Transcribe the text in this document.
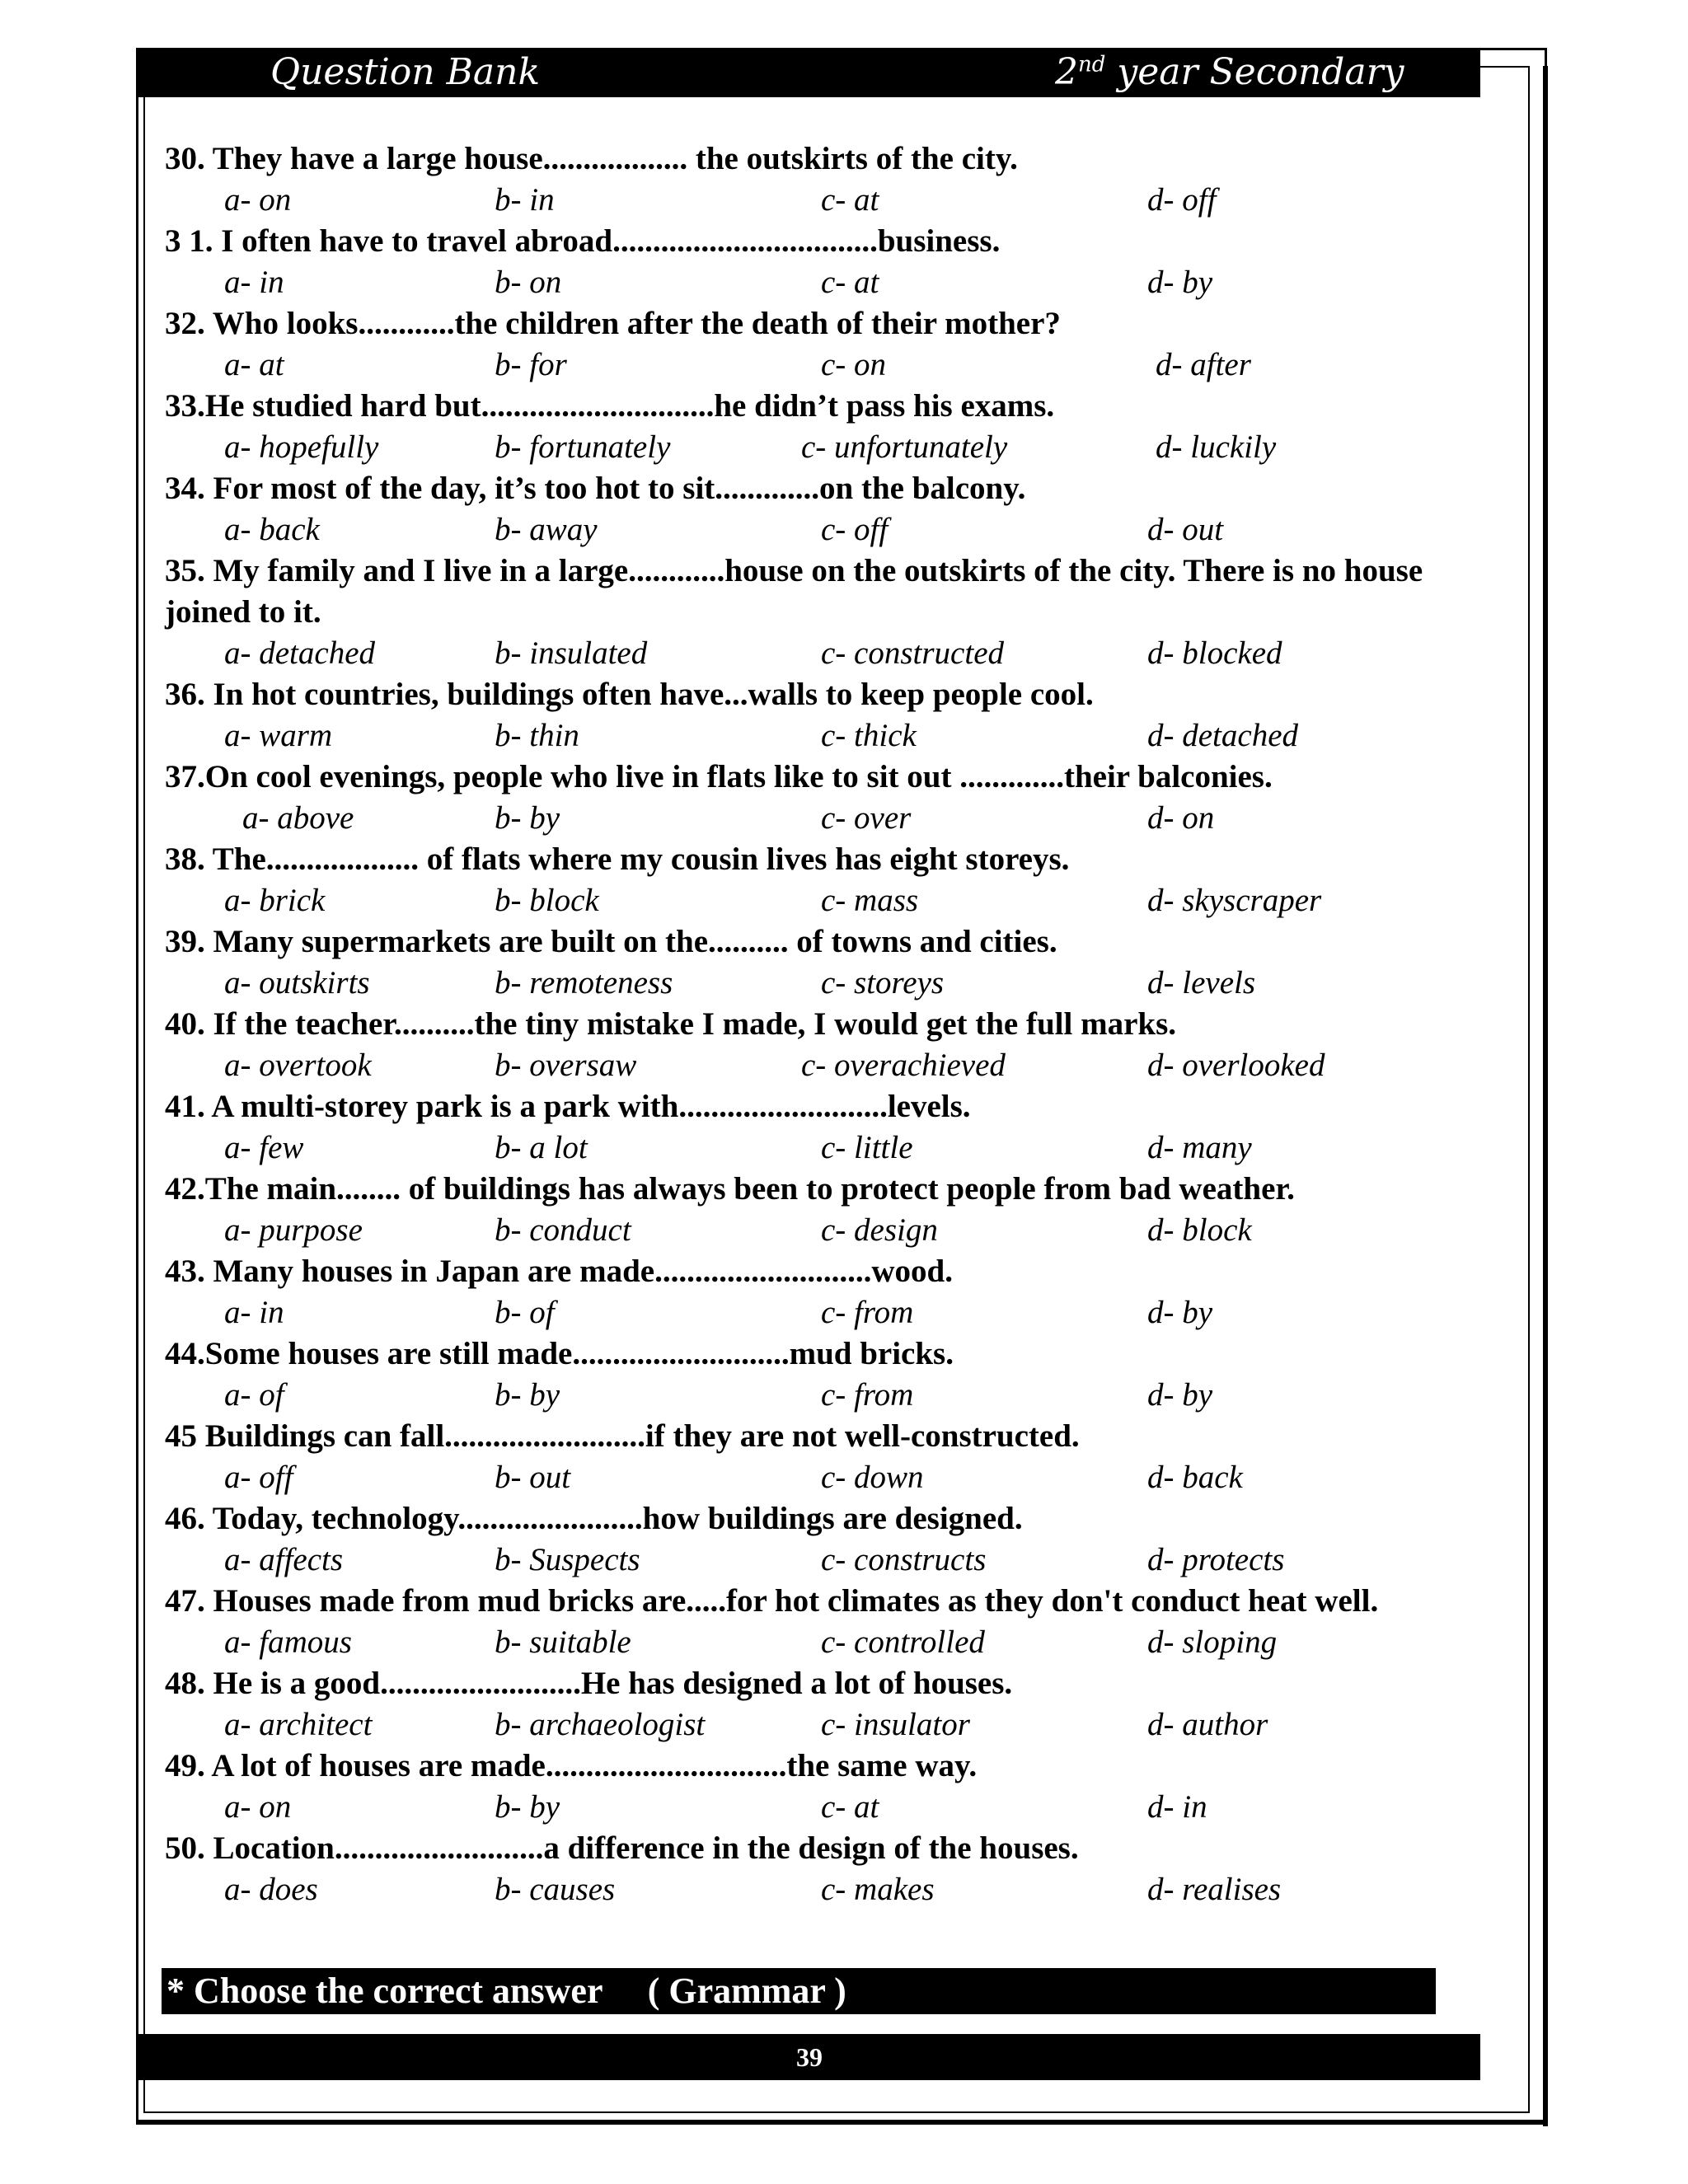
Question Bank	2nd year Secondary

30. They have a large house.................. the outskirts of the city.

a- on	b- in	c- at	d- off

3 1. I often have to travel abroad.................................business.

a- in	b- on	c- at	d- by

32. Who looks............the children after the death of their mother?

a- at	b- for	c- on	d- after

33.He studied hard but.............................he didn’t pass his exams.

a- hopefully	b- fortunately	c- unfortunately	d- luckily

34. For most of the day, it’s too hot to sit.............on the balcony.

a- back	b- away	c- off	d- out

35. My family and I live in a large............house on the outskirts of the city. There is no house joined to it.

a- detached	b- insulated	c- constructed	d- blocked

36. In hot countries, buildings often have...walls to keep people cool.

a- warm	b- thin	c- thick	d- detached

37.On cool evenings, people who live in flats like to sit out .............their balconies.

a- above	b- by	c- over	d- on

38. The................... of flats where my cousin lives has eight storeys.

a- brick	b- block	c- mass	d- skyscraper

39. Many supermarkets are built on the.......... of towns and cities.

a- outskirts	b- remoteness	c- storeys	d- levels

40. If the teacher..........the tiny mistake I made, I would get the full marks.

a- overtook	b- oversaw	c- overachieved	d- overlooked

41. A multi-storey park is a park with..........................levels.

a- few	b- a lot	c- little	d- many

42.The main........ of buildings has always been to protect people from bad weather.

a- purpose	b- conduct	c- design	d- block

43. Many houses in Japan are made...........................wood.

a- in	b- of	c- from	d- by

44.Some houses are still made...........................mud bricks.

a- of	b- by	c- from	d- by

45 Buildings can fall.........................if they are not well-constructed.

a- off	b- out	c- down	d- back

46. Today, technology.......................how buildings are designed.

a- affects	b- Suspects	c- constructs	d- protects

47. Houses made from mud bricks are.....for hot climates as they don't conduct heat well.

a- famous	b- suitable	c- controlled	d- sloping

48. He is a good.........................He has designed a lot of houses.

a- architect	b- archaeologist	c- insulator	d- author

49. A lot of houses are made..............................the same way.

a- on	b- by	c- at	d- in

50. Location..........................a difference in the design of the houses.

a- does	b- causes	c- makes	d- realises
* Choose the correct answer ( Grammar )
39
